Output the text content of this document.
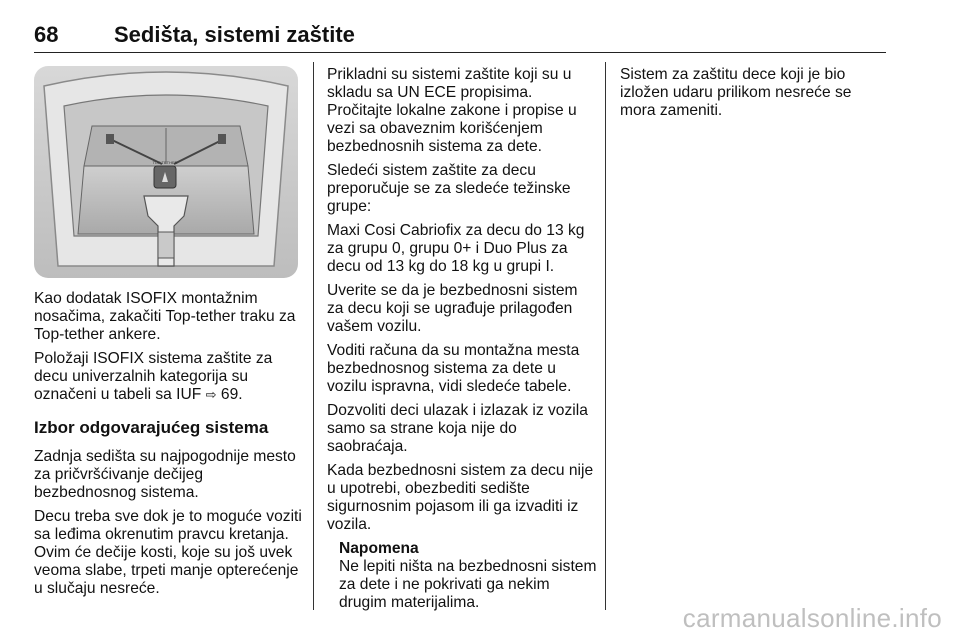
68	Sedišta, sistemi zaštite
TOP TETHER

Kao dodatak ISOFIX montažnim nosačima, zakačiti Top-tether traku za Top-tether ankere.

Položaji ISOFIX sistema zaštite za decu univerzalnih kategorija su označeni u tabeli sa IUF ⇨ 69.

Izbor odgovarajućeg sistema

Zadnja sedišta su najpogodnije mesto za pričvršćivanje dečijeg bezbednosnog sistema.

Decu treba sve dok je to moguće voziti sa leđima okrenutim pravcu kretanja. Ovim će dečije kosti, koje su još uvek veoma slabe, trpeti manje opterećenje u slučaju nesreće.

Prikladni su sistemi zaštite koji su u skladu sa UN ECE propisima. Pročitajte lokalne zakone i propise u vezi sa obaveznim korišćenjem bezbednosnih sistema za dete.

Sledeći sistem zaštite za decu preporučuje se za sledeće težinske grupe:

Maxi Cosi Cabriofix za decu do 13 kg za grupu 0, grupu 0+ i Duo Plus za decu od 13 kg do 18 kg u grupi I.

Uverite se da je bezbednosni sistem za decu koji se ugrađuje prilagođen vašem vozilu.

Voditi računa da su montažna mesta bezbednosnog sistema za dete u vozilu ispravna, vidi sledeće tabele.

Dozvoliti deci ulazak i izlazak iz vozila samo sa strane koja nije do saobraćaja.

Kada bezbednosni sistem za decu nije u upotrebi, obezbediti sedište sigurnosnim pojasom ili ga izvaditi iz vozila.

Napomena
Ne lepiti ništa na bezbednosni sistem za dete i ne pokrivati ga nekim drugim materijalima.

Sistem za zaštitu dece koji je bio izložen udaru prilikom nesreće se mora zameniti.

carmanualsonline.info
